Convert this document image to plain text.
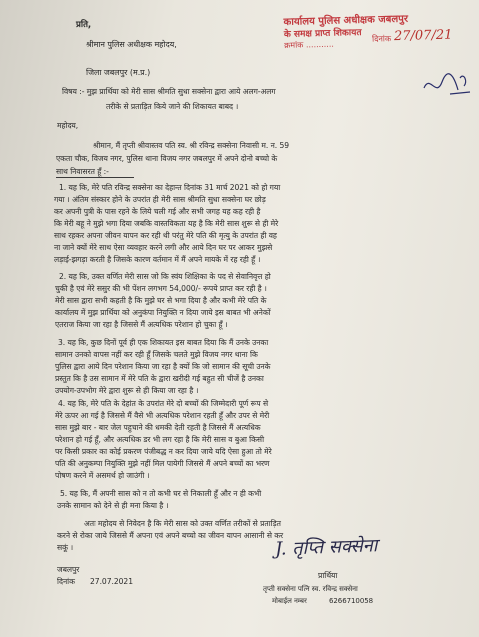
प्रति,
श्रीमान पुलिस अधीक्षक महोदय,
जिला जबलपुर (म.प्र.)
कार्यालय पुलिस अधीक्षक जबलपुर
के समक्ष प्राप्त शिकायत
क्रमांक ...........
दिनांक 27/07/21
विषय :- मुझ प्रार्थिया को मेरी सास श्रीमति सुधा सक्सेना द्वारा आये अलग-अलग
तरीके से प्रताड़ित किये जाने की शिकायत बाबद ।
महोदय,
श्रीमान, मैं तृप्ती श्रीवास्तव पति स्व. श्री रविन्द्र सक्सेना निवासी म. न. 59
एकता चौक, विजय नगर, पुलिस थाना विजय नगर जबलपुर में अपने दोनो बच्चो के
साथ निवासरत हूँ :-
1. यह कि, मेरे पति रविन्द्र सक्सेना का देहान्त दिनांक 31 मार्च 2021 को हो गया
गया । अंतिम संस्कार होने के उपरांत ही मेरी सास श्रीमति सुधा सक्सेना घर छोड़
कर अपनी पुत्री के पास रहने के लिये चली गई और सभी जगह यह कह रही है
कि मेरी बहू ने मुझे भगा दिया जबकि वास्तविकता यह है कि मेरी सास शुरू से ही मेरे
साथ रहकर अपना जीवन यापन कर रही थी परंतु मेरे पति की मृत्यु के उपरांत ही वह
ना जाने क्यों मेरे साथ ऐसा व्यवहार करने लगी और आये दिन घर पर आकर मुझसे
लड़ाई-झगड़ा करती है जिसके कारण वर्तमान में मैं अपने मायके में रह रही हूँ ।
2. यह कि, उक्त वर्णित मेरी सास जो कि स्वंय शिक्षिका के पद से सेवानिवृत्त हो
चुकी है एवं मेरे ससुर की भी पेंशन लगभग 54,000/- रूपये प्राप्त कर रही है ।
मेरी सास द्वारा सभी कहती है कि मुझे घर से भगा दिया है और कभी मेरे पति के
कार्यालय में मुझ प्रार्थिया को अनुकंपा नियुक्ति न दिया जाये इस बाबत भी अनेकों
एतराज किया जा रहा है जिससे मैं अत्यधिक परेशान हो चुका हूँ ।
3. यह कि, कुछ दिनों पूर्व ही एक शिकायत इस बाबत दिया कि मैं उनके उनका
सामान उनको वापस नहीं कर रही हूँ जिसके चलते मुझे विजय नगर थाना कि
पुलिस द्वारा आये दिन परेशान किया जा रहा है क्यों कि जो सामान की सूची उनके
प्रस्तुत कि है उस सामान में मेरे पति के द्वारा खरीदी गई बहुत सी चीजें है उनका
उपयोग-उपभोग मेरे द्वारा शुरू से ही किया जा रहा है ।
4. यह कि, मेरे पति के देहांत के उपरांत मेरे दो बच्चों की जिम्मेदारी पूर्ण रूप से
मेरे ऊपर आ गई है जिससे मैं वैसे भी अत्यधिक परेशान रहती हूँ और उपर से मेरी
सास मुझे बार - बार जेल पहुचाने की धमकी देती रहती है जिससे मैं अत्यधिक
परेशान हो गई हूँ, और अत्यधिक डर भी लग रहा है कि मेरी सास व बुआ किसी
पर किसी प्रकार का कोई प्रकरण पंजीबद्ध न कर दिया जाये यदि ऐसा हुआ तो मेरे
पति की अनुकम्पा नियुक्ति मुझे नहीं मिल पायेगी जिससे मैं अपने बच्चों का भरण
पोषण करने में असमर्थ हो जाउंगी ।
5. यह कि, मैं अपनी सास को न तो कभी घर से निकाली हूँ और न ही कभी
उनके सामान को देने से ही मना किया है ।
अतः महोदय से निवेदन है कि मेरी सास को उक्त वर्णित तरीकों से प्रताड़ित
करने से रोका जाये जिससे मैं अपना एवं अपने बच्चो का जीवन यापन आसानी से कर
सकूं ।
जबलपुर
दिनांक 27.07.2021
J. तृप्ति सक्सेना
प्रार्थिया
तृप्ती सक्सेना पत्नि स्व. रविन्द्र सक्सेना
मोबाईल नम्बर	6266710058
